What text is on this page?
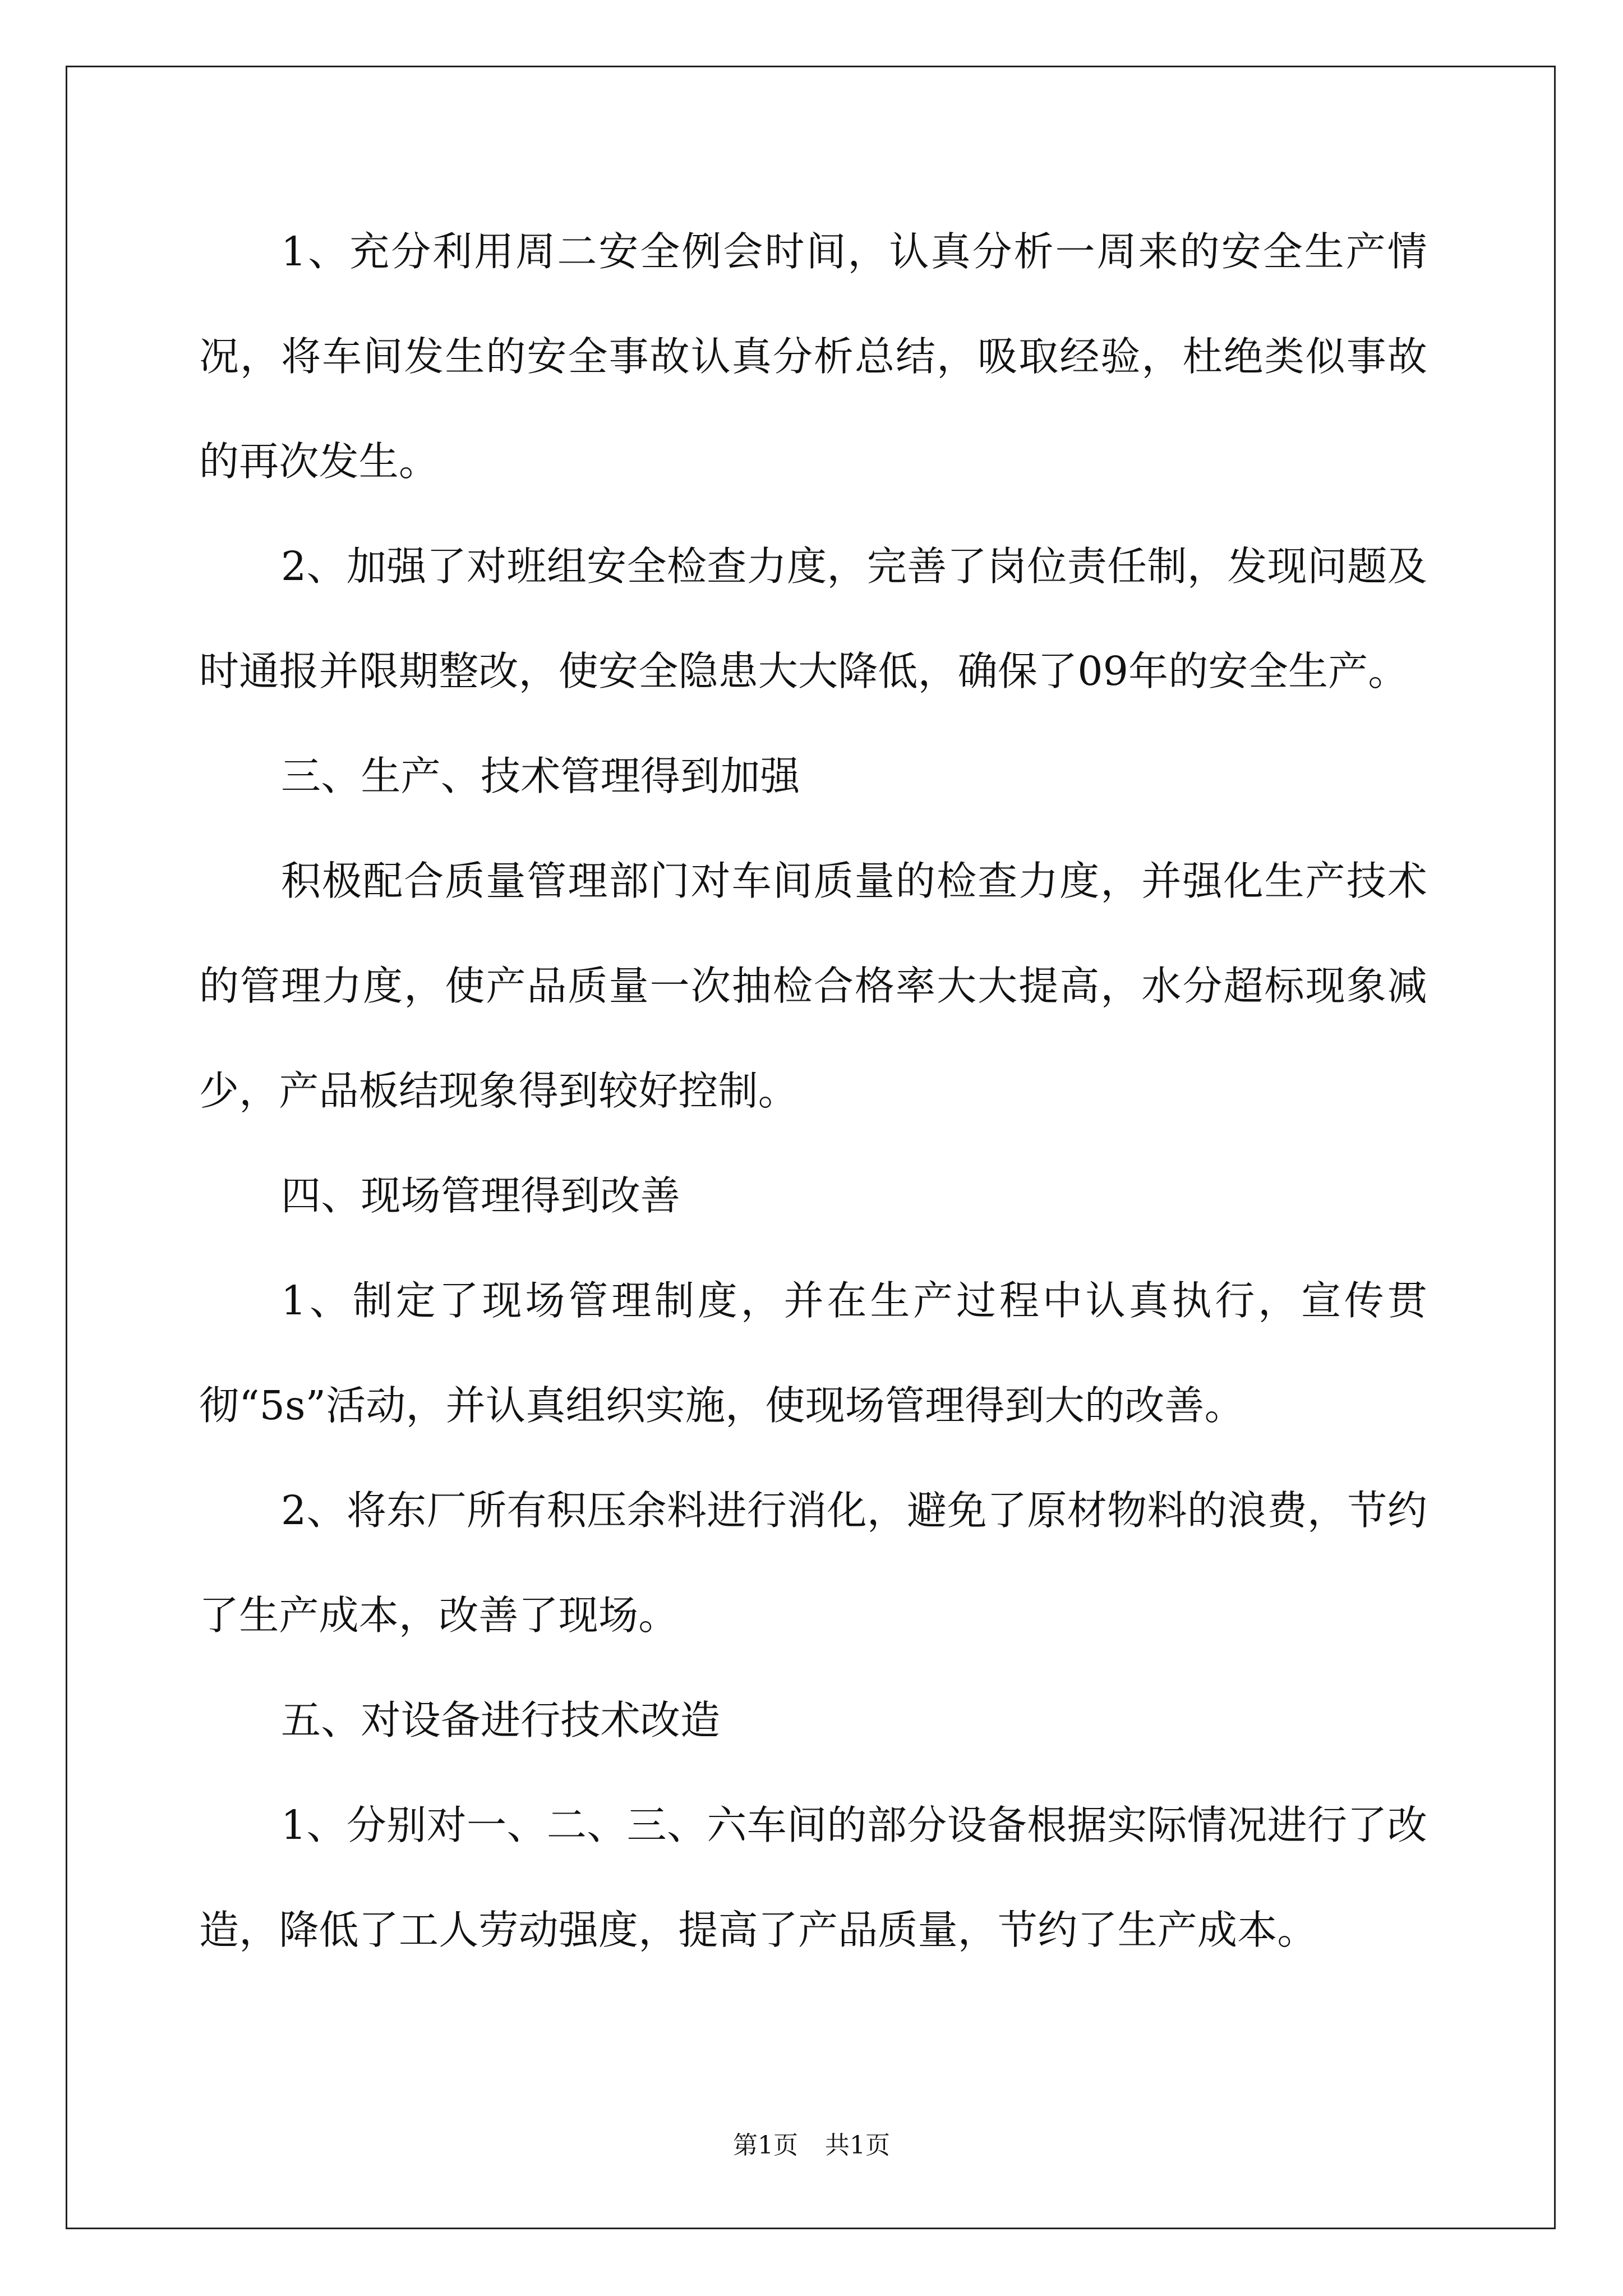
1、充分利用周二安全例会时间，认真分析一周来的安全生产情况，将车间发生的安全事故认真分析总结，吸取经验，杜绝类似事故的再次发生。

2、加强了对班组安全检查力度，完善了岗位责任制，发现问题及时通报并限期整改，使安全隐患大大降低，确保了09年的安全生产。

三、生产、技术管理得到加强

积极配合质量管理部门对车间质量的检查力度，并强化生产技术的管理力度，使产品质量一次抽检合格率大大提高，水分超标现象减少，产品板结现象得到较好控制。

四、现场管理得到改善

1、制定了现场管理制度，并在生产过程中认真执行，宣传贯彻“5s”活动，并认真组织实施，使现场管理得到大的改善。

2、将东厂所有积压余料进行消化，避免了原材物料的浪费，节约了生产成本，改善了现场。

五、对设备进行技术改造

1、分别对一、二、三、六车间的部分设备根据实际情况进行了改造，降低了工人劳动强度，提高了产品质量，节约了生产成本。

第1页 共1页
